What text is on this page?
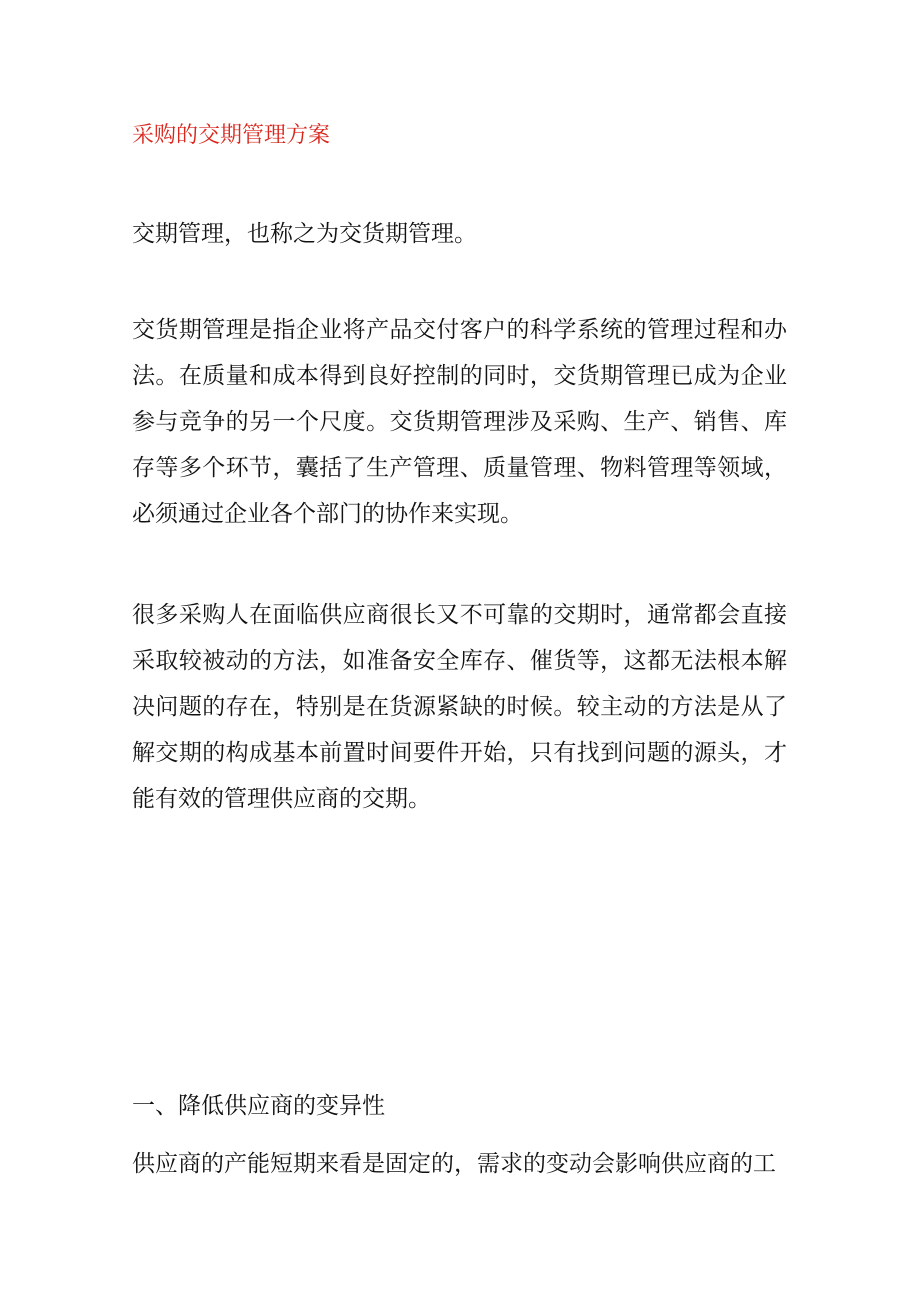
采购的交期管理方案

交期管理，也称之为交货期管理。

交货期管理是指企业将产品交付客户的科学系统的管理过程和办法。在质量和成本得到良好控制的同时，交货期管理已成为企业参与竞争的另一个尺度。交货期管理涉及采购、生产、销售、库存等多个环节，囊括了生产管理、质量管理、物料管理等领域，必须通过企业各个部门的协作来实现。

很多采购人在面临供应商很长又不可靠的交期时，通常都会直接采取较被动的方法，如准备安全库存、催货等，这都无法根本解决问题的存在，特别是在货源紧缺的时候。较主动的方法是从了解交期的构成基本前置时间要件开始，只有找到问题的源头，才能有效的管理供应商的交期。

一、降低供应商的变异性

供应商的产能短期来看是固定的，需求的变动会影响供应商的工
